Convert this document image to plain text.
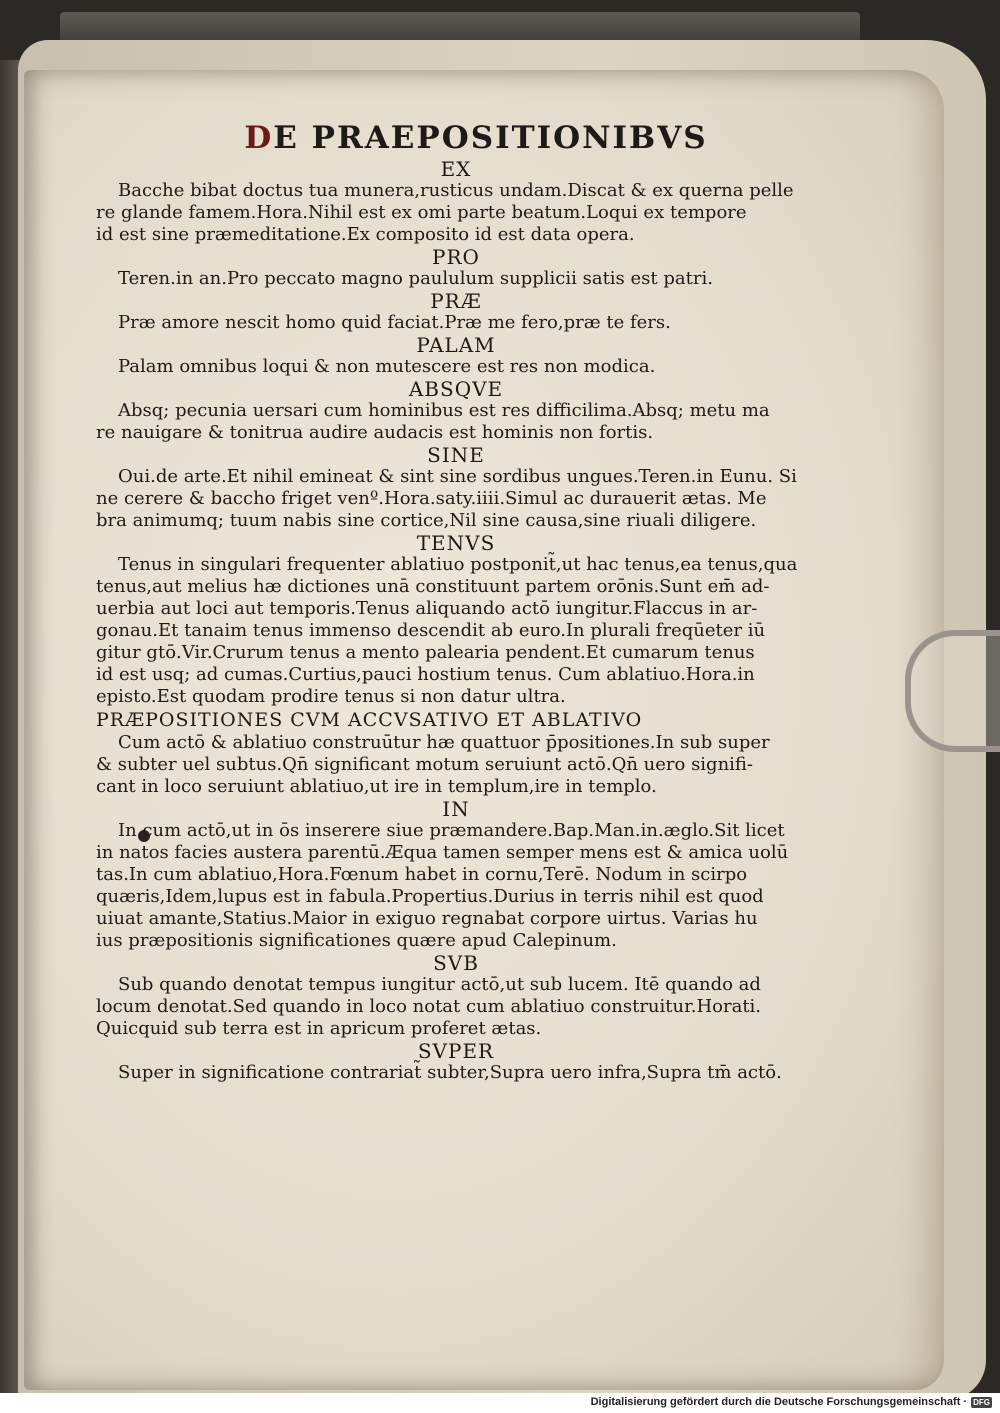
DE PRAEPOSITIONIBVS

EX

Bacche bibat doctus tua munera,rusticus undam.Discat & ex querna pelle

re glande famem.Hora.Nihil est ex omi parte beatum.Loqui ex tempore

id est sine præmeditatione.Ex composito id est data opera.

PRO

Teren.in an.Pro peccato magno paululum supplicii satis est patri.

PRÆ

Præ amore nescit homo quid faciat.Præ me fero,præ te fers.

PALAM

Palam omnibus loqui & non mutescere est res non modica.

ABSQVE

Absq; pecunia uersari cum hominibus est res difficilima.Absq; metu ma

re nauigare & tonitrua audire audacis est hominis non fortis.

SINE

Oui.de arte.Et nihil emineat & sint sine sordibus ungues.Teren.in Eunu. Si

ne cerere & baccho friget venº.Hora.saty.iiii.Simul ac durauerit ætas. Me

bra animumq; tuum nabis sine cortice,Nil sine causa,sine riuali diligere.

TENVS

Tenus in singulari frequenter ablatiuo postponit̃,ut hac tenus,ea tenus,qua

tenus,aut melius hæ dictiones unā constituunt partem orōnis.Sunt em̄ ad-

uerbia aut loci aut temporis.Tenus aliquando actō iungitur.Flaccus in ar-

gonau.Et tanaim tenus immenso descendit ab euro.In plurali freqūeter iū

gitur gtō.Vir.Crurum tenus a mento palearia pendent.Et cumarum tenus

id est usq; ad cumas.Curtius,pauci hostium tenus. Cum ablatiuo.Hora.in

episto.Est quodam prodire tenus si non datur ultra.

PRÆPOSITIONES CVM ACCVSATIVO ET ABLATIVO

Cum actō & ablatiuo construūtur hæ quattuor p̄positiones.In sub super

& subter uel subtus.Qn̄ significant motum seruiunt actō.Qn̄ uero signifi-

cant in loco seruiunt ablatiuo,ut ire in templum,ire in templo.

IN

In cum actō,ut in ōs inserere siue præmandere.Bap.Man.in.æglo.Sit licet

in natos facies austera parentū.Æqua tamen semper mens est & amica uolū

tas.In cum ablatiuo,Hora.Fœnum habet in cornu,Terē. Nodum in scirpo

quæris,Idem,lupus est in fabula.Propertius.Durius in terris nihil est quod

uiuat amante,Statius.Maior in exiguo regnabat corpore uirtus. Varias hu

ius præpositionis significationes quære apud Calepinum.

SVB

Sub quando denotat tempus iungitur actō,ut sub lucem. Itē quando ad

locum denotat.Sed quando in loco notat cum ablatiuo construitur.Horati.

Quicquid sub terra est in apricum proferet ætas.

SVPER

Super in significatione contrariat̃ subter,Supra uero infra,Supra tm̄ actō.

Digitalisierung gefördert durch die Deutsche Forschungsgemeinschaft · DFG
